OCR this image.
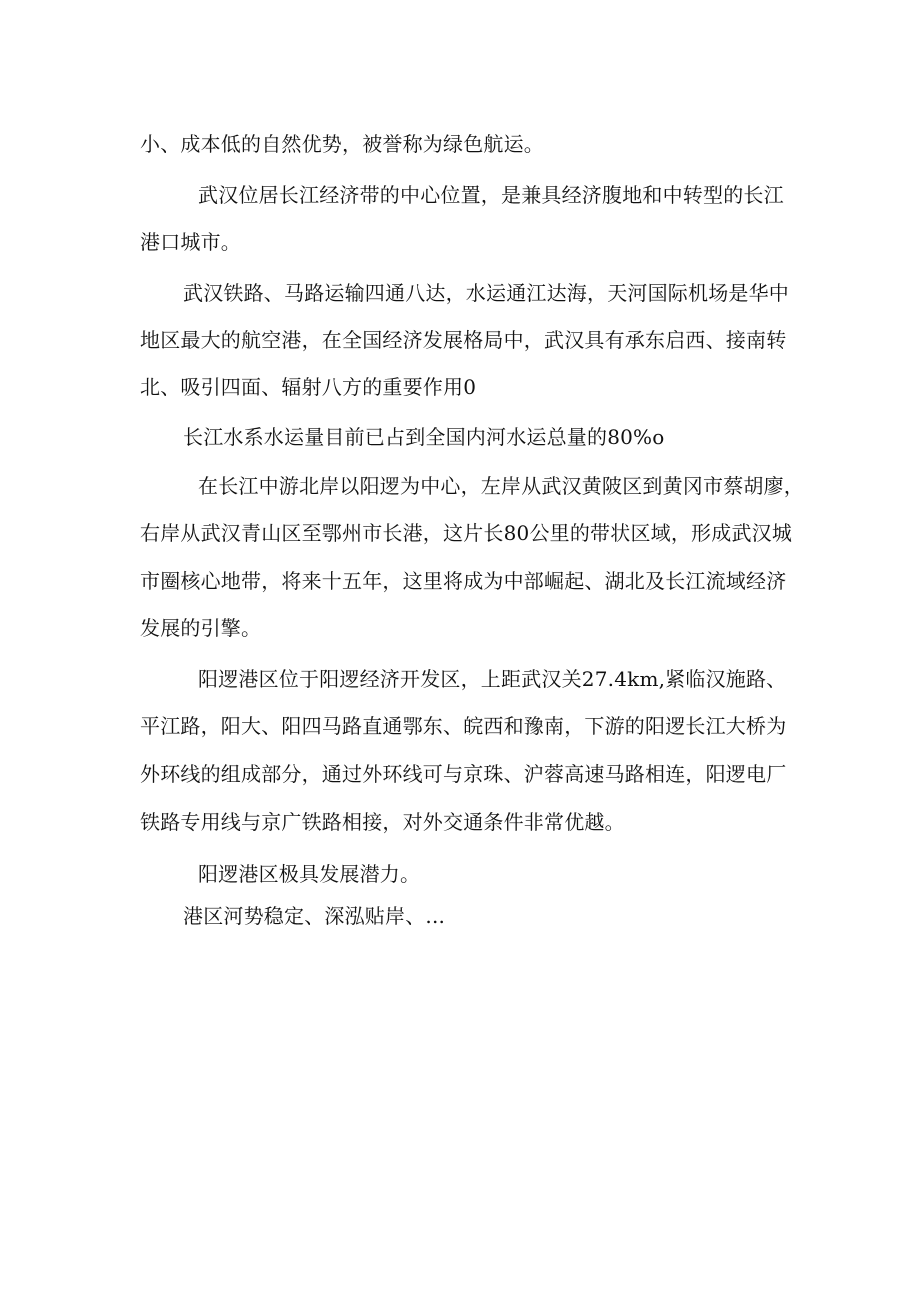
小、成本低的自然优势，被誉称为绿色航运。
武汉位居长江经济带的中心位置，是兼具经济腹地和中转型的长江
港口城市。
武汉铁路、马路运输四通八达，水运通江达海，天河国际机场是华中
地区最大的航空港，在全国经济发展格局中，武汉具有承东启西、接南转
北、吸引四面、辐射八方的重要作用0
长江水系水运量目前已占到全国内河水运总量的80%o
在长江中游北岸以阳逻为中心，左岸从武汉黄陂区到黄冈市蔡胡廖，
右岸从武汉青山区至鄂州市长港，这片长80公里的带状区域，形成武汉城
市圈核心地带，将来十五年，这里将成为中部崛起、湖北及长江流域经济
发展的引擎。
阳逻港区位于阳逻经济开发区，上距武汉关27.4km,紧临汉施路、
平江路，阳大、阳四马路直通鄂东、皖西和豫南，下游的阳逻长江大桥为
外环线的组成部分，通过外环线可与京珠、沪蓉高速马路相连，阳逻电厂
铁路专用线与京广铁路相接，对外交通条件非常优越。
阳逻港区极具发展潜力。
港区河势稳定、深泓贴岸、...
